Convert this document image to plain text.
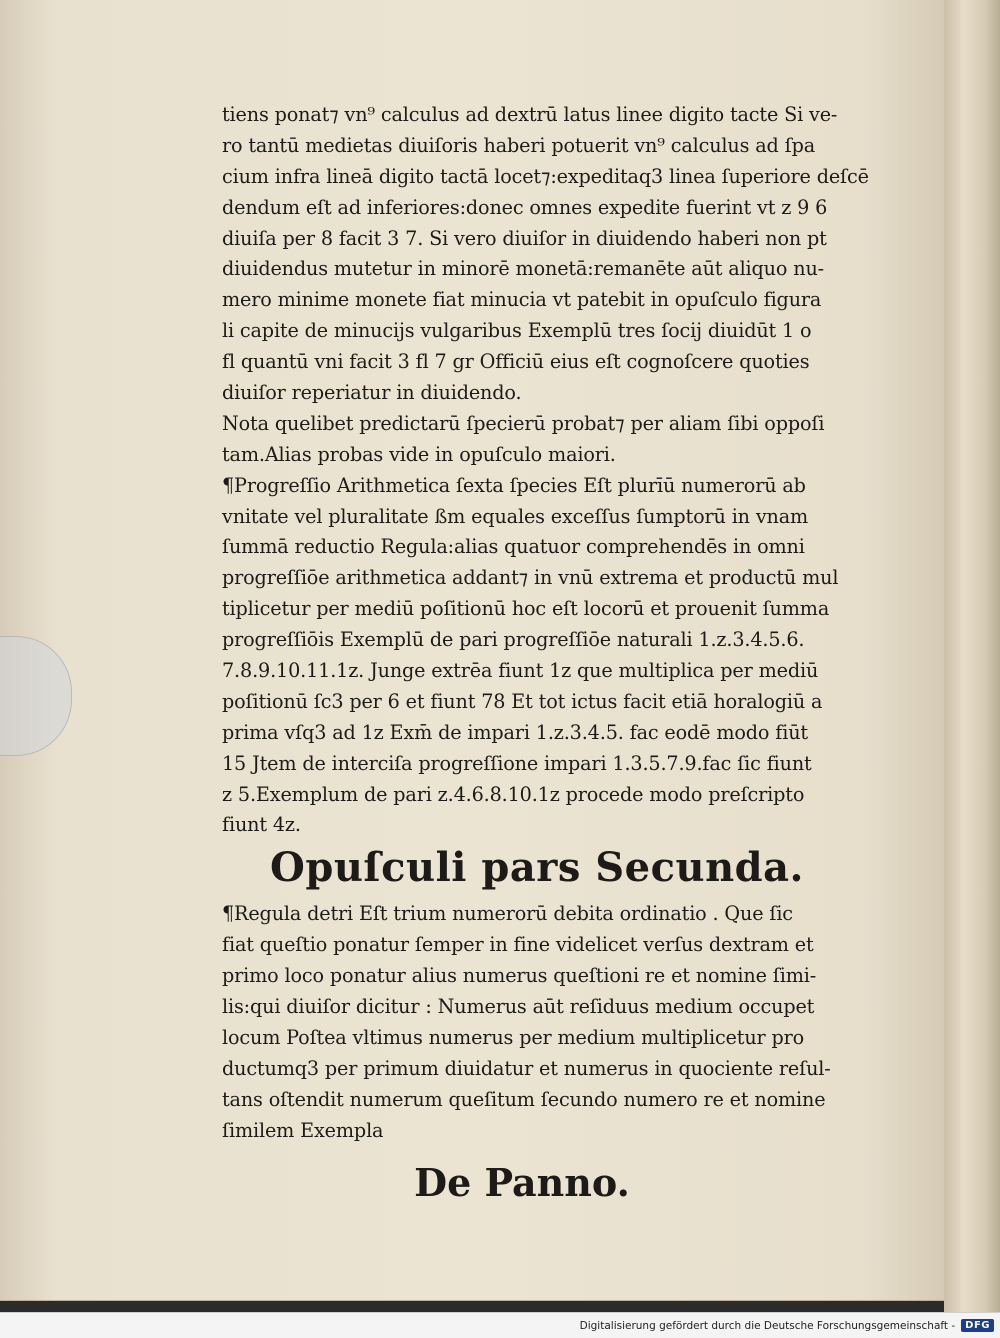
tiens ponat⁊ vn⁹ calculus ad dextrū latus linee digito tacte Si ve-
ro tantū medietas diuiſoris haberi potuerit vn⁹ calculus ad ſpa
cium infra lineā digito tactā locet⁊:expeditaq3 linea ſuperiore deſcē
dendum eſt ad inferiores:donec omnes expedite fuerint vt z 9 6
diuiſa per 8 facit 3 7. Si vero diuiſor in diuidendo haberi non pt
diuidendus mutetur in minorē monetā:remanēte aūt aliquo nu-
mero minime monete fiat minucia vt patebit in opuſculo figura
li capite de minucijs vulgaribus Exemplū tres ſocij diuidūt 1 o
fl quantū vni facit 3 fl 7 gr Officiū eius eſt cognoſcere quoties
diuiſor reperiatur in diuidendo.
Nota quelibet predictarū ſpecierū probat⁊ per aliam ſibi oppoſi
tam.Alias probas vide in opuſculo maiori.
¶Progreſſio Arithmetica ſexta ſpecies Eſt plurīū numerorū ab
vnitate vel pluralitate ßm equales exceſſus ſumptorū in vnam
ſummā reductio Regula:alias quatuor comprehendēs in omni
progreſſiōe arithmetica addant⁊ in vnū extrema et productū mul
tiplicetur per mediū poſitionū hoc eſt locorū et prouenit ſumma
progreſſiōis Exemplū de pari progreſſiōe naturali 1.z.3.4.5.6.
7.8.9.10.11.1z. Junge extrēa fiunt 1z que multiplica per mediū
poſitionū ſc3 per 6 et fiunt 78 Et tot ictus facit etiā horalogiū a
prima vſq3 ad 1z Exm̄ de impari 1.z.3.4.5. fac eodē modo fiūt
15 Jtem de interciſa progreſſione impari 1.3.5.7.9.fac ſic fiunt
z 5.Exemplum de pari z.4.6.8.10.1z procede modo preſcripto
fiunt 4z.
Opuſculi pars Secunda.
¶Regula detri Eſt trium numerorū debita ordinatio . Que ſic
fiat queſtio ponatur ſemper in fine videlicet verſus dextram et
primo loco ponatur alius numerus queſtioni re et nomine ſimi-
lis:qui diuiſor dicitur : Numerus aūt reſiduus medium occupet
locum Poſtea vltimus numerus per medium multiplicetur pro
ductumq3 per primum diuidatur et numerus in quociente reſul-
tans oſtendit numerum queſitum ſecundo numero re et nomine
ſimilem Exempla
De Panno.
Digitalisierung gefördert durch die Deutsche Forschungsgemeinschaft -	DFG
